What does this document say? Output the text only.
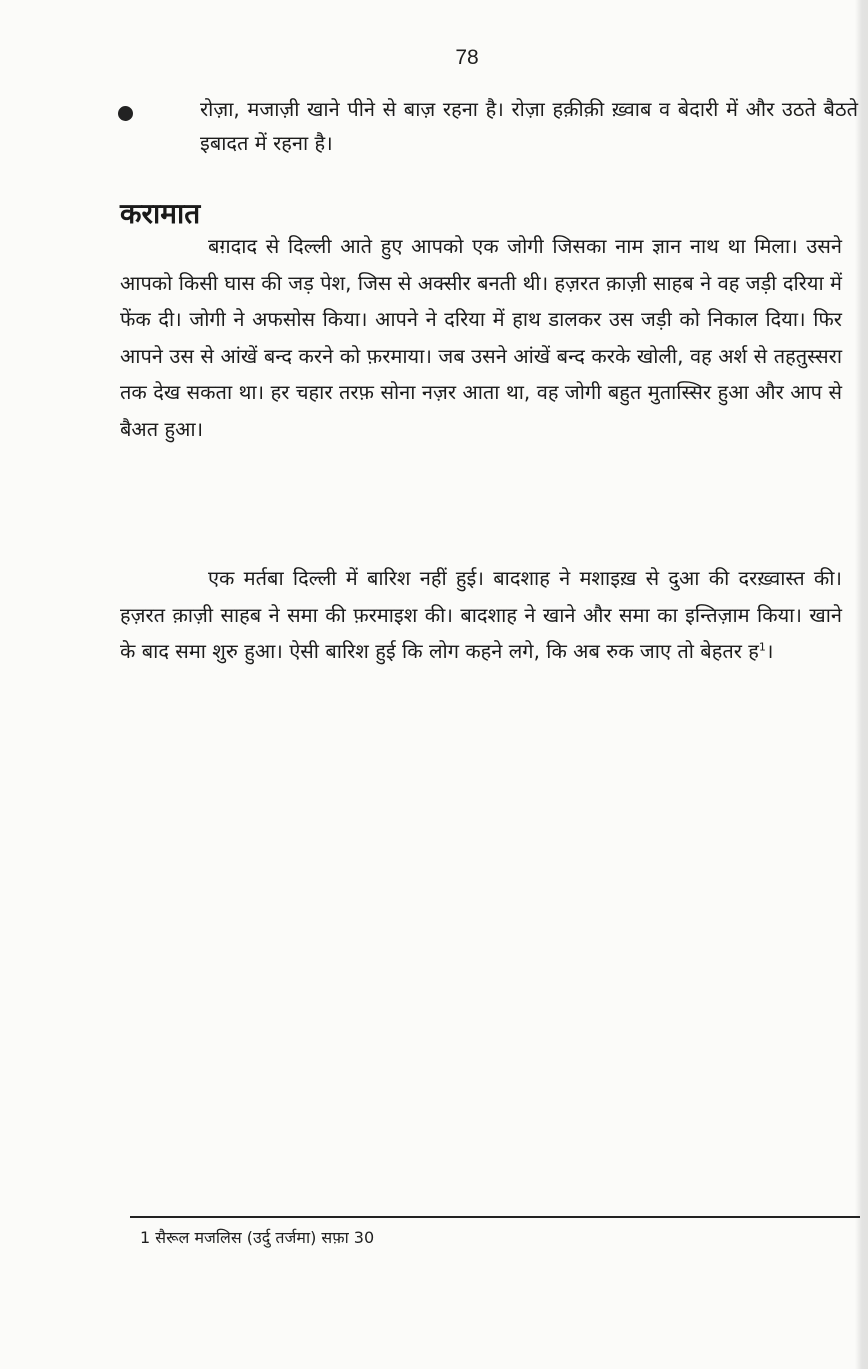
78
रोज़ा, मजाज़ी खाने पीने से बाज़ रहना है। रोज़ा हक़ीक़ी ख़्वाब व बेदारी में और उठते बैठते इबादत में रहना है।
करामात

बग़दाद से दिल्ली आते हुए आपको एक जोगी जिसका नाम ज्ञान नाथ था मिला। उसने आपको किसी घास की जड़ पेश, जिस से अक्सीर बनती थी। हज़रत क़ाज़ी साहब ने वह जड़ी दरिया में फेंक दी। जोगी ने अफसोस किया। आपने ने दरिया में हाथ डालकर उस जड़ी को निकाल दिया। फिर आपने उस से आंखें बन्द करने को फ़रमाया। जब उसने आंखें बन्द करके खोली, वह अर्श से तहतुस्सरा तक देख सकता था। हर चहार तरफ़ सोना नज़र आता था, वह जोगी बहुत मुतास्सिर हुआ और आप से बैअत हुआ।

एक मर्तबा दिल्ली में बारिश नहीं हुई। बादशाह ने मशाइख़ से दुआ की दरख़्वास्त की। हज़रत क़ाज़ी साहब ने समा की फ़रमाइश की। बादशाह ने खाने और समा का इन्तिज़ाम किया। खाने के बाद समा शुरु हुआ। ऐसी बारिश हुई कि लोग कहने लगे, कि अब रुक जाए तो बेहतर ह$^1$।

1 सैरूल मजलिस (उर्दु तर्जमा) सफ़ा 30
